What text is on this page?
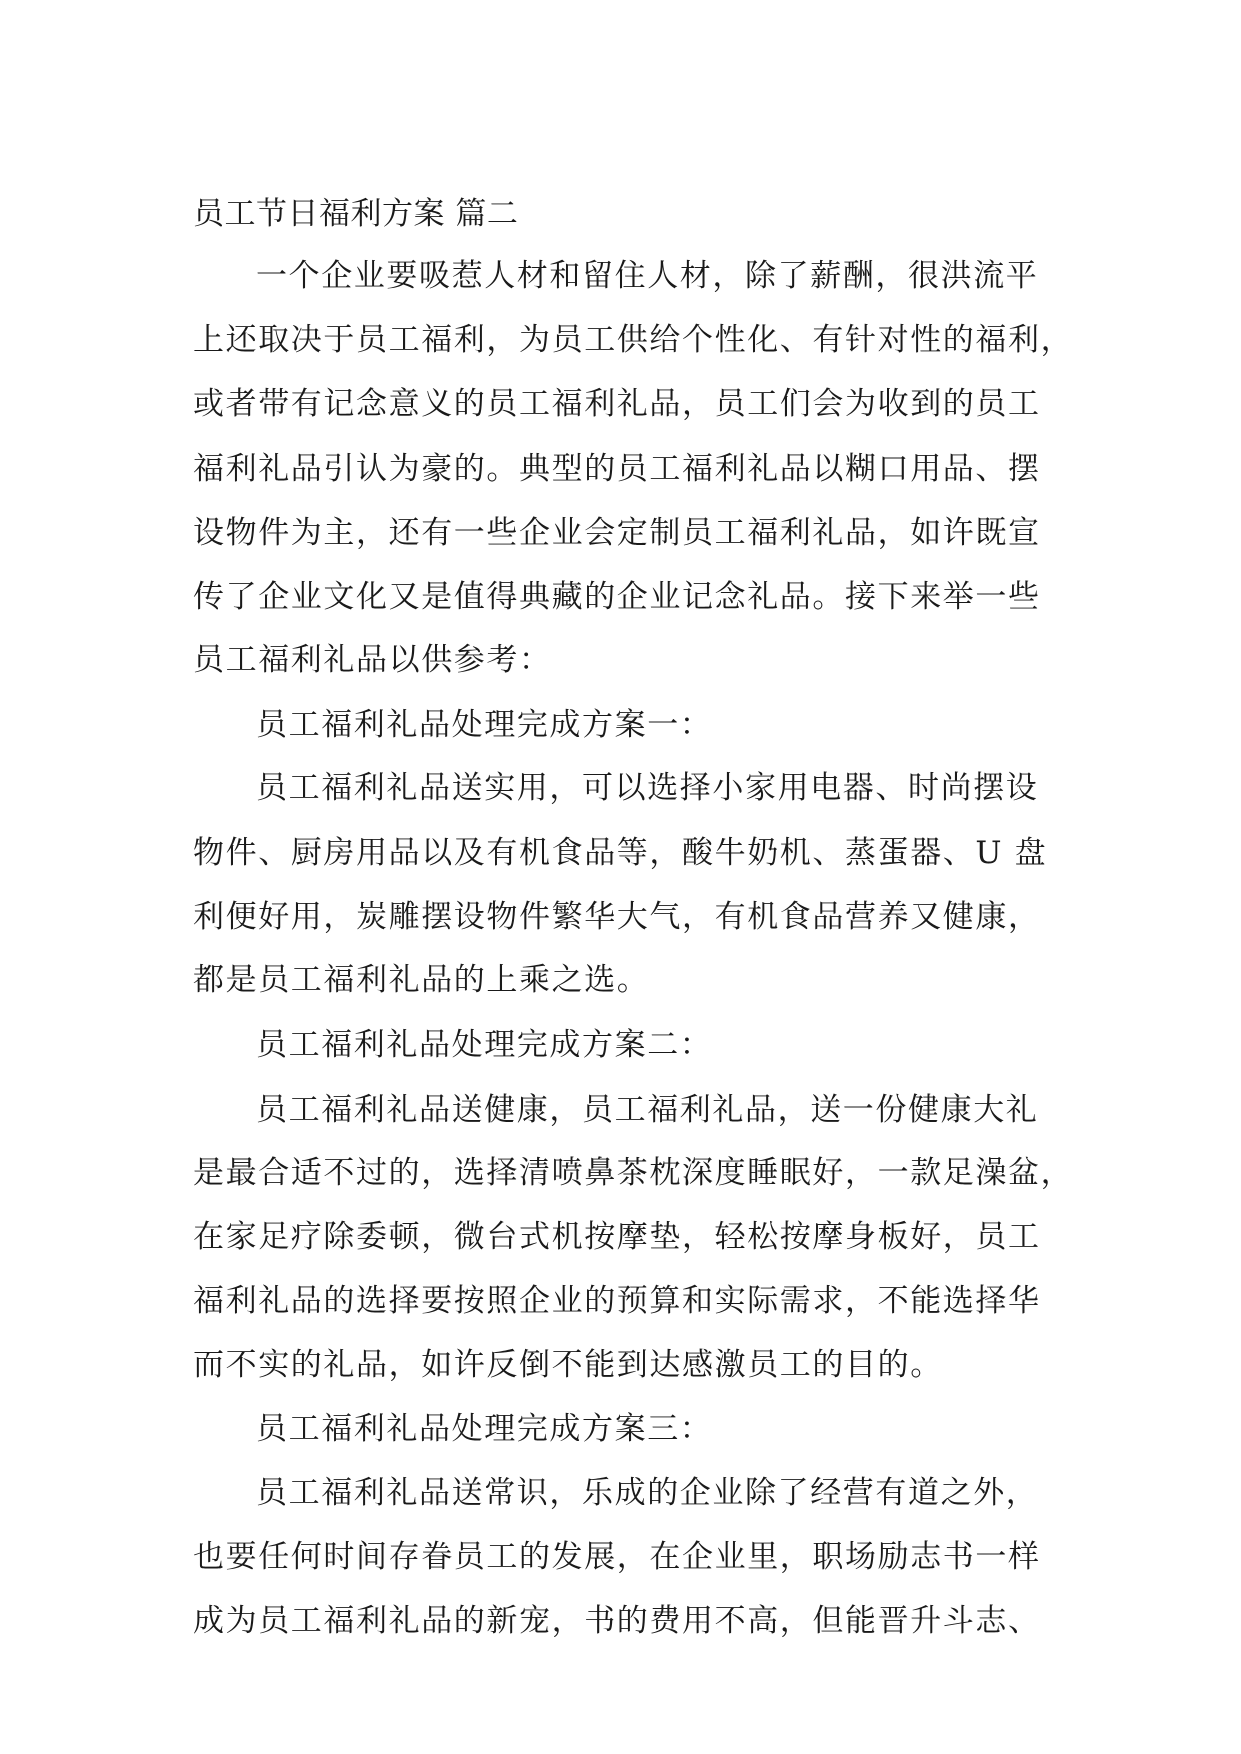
员工节日福利方案 篇二
一个企业要吸惹人材和留住人材，除了薪酬，很洪流平
上还取决于员工福利，为员工供给个性化、有针对性的福利，
或者带有记念意义的员工福利礼品，员工们会为收到的员工
福利礼品引认为豪的。典型的员工福利礼品以糊口用品、摆
设物件为主，还有一些企业会定制员工福利礼品，如许既宣
传了企业文化又是值得典藏的企业记念礼品。接下来举一些
员工福利礼品以供参考：
员工福利礼品处理完成方案一：
员工福利礼品送实用，可以选择小家用电器、时尚摆设
物件、厨房用品以及有机食品等，酸牛奶机、蒸蛋器、U 盘
利便好用，炭雕摆设物件繁华大气，有机食品营养又健康，
都是员工福利礼品的上乘之选。
员工福利礼品处理完成方案二：
员工福利礼品送健康，员工福利礼品，送一份健康大礼
是最合适不过的，选择清喷鼻茶枕深度睡眠好，一款足澡盆，
在家足疗除委顿，微台式机按摩垫，轻松按摩身板好，员工
福利礼品的选择要按照企业的预算和实际需求，不能选择华
而不实的礼品，如许反倒不能到达感激员工的目的。
员工福利礼品处理完成方案三：
员工福利礼品送常识，乐成的企业除了经营有道之外，
也要任何时间存眷员工的发展，在企业里，职场励志书一样
成为员工福利礼品的新宠，书的费用不高，但能晋升斗志、
